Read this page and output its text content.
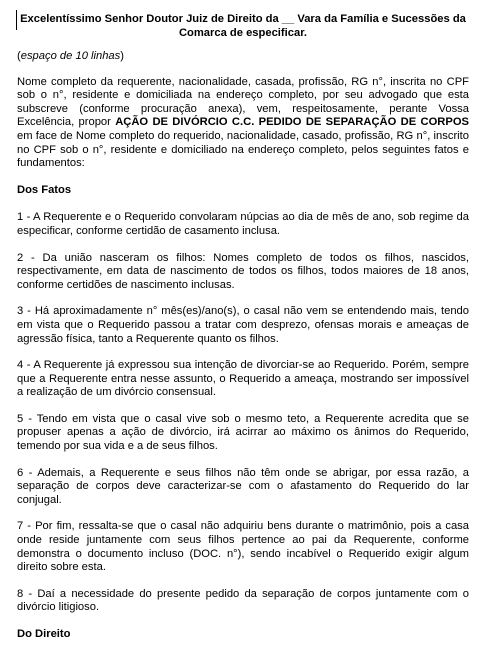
Excelentíssimo Senhor Doutor Juiz de Direito da __ Vara da Família e Sucessões da Comarca de especificar.
(espaço de 10 linhas)

Nome completo da requerente, nacionalidade, casada, profissão, RG n°, inscrita no CPF sob o n°, residente e domiciliada na endereço completo, por seu advogado que esta subscreve (conforme procuração anexa), vem, respeitosamente, perante Vossa Excelência, propor AÇÃO DE DIVÓRCIO C.C. PEDIDO DE SEPARAÇÃO DE CORPOS em face de Nome completo do requerido, nacionalidade, casado, profissão, RG n°, inscrito no CPF sob o n°, residente e domiciliado na endereço completo, pelos seguintes fatos e fundamentos:

Dos Fatos

1 - A Requerente e o Requerido convolaram núpcias ao dia de mês de ano, sob regime da especificar, conforme certidão de casamento inclusa.

2 - Da união nasceram os filhos: Nomes completo de todos os filhos, nascidos, respectivamente, em data de nascimento de todos os filhos, todos maiores de 18 anos, conforme certidões de nascimento inclusas.

3 - Há aproximadamente n° mês(es)/ano(s), o casal não vem se entendendo mais, tendo em vista que o Requerido passou a tratar com desprezo, ofensas morais e ameaças de agressão física, tanto a Requerente quanto os filhos.

4 - A Requerente já expressou sua intenção de divorciar-se ao Requerido. Porém, sempre que a Requerente entra nesse assunto, o Requerido a ameaça, mostrando ser impossível a realização de um divórcio consensual.

5 - Tendo em vista que o casal vive sob o mesmo teto, a Requerente acredita que se propuser apenas a ação de divórcio, irá acirrar ao máximo os ânimos do Requerido, temendo por sua vida e a de seus filhos.

6 - Ademais, a Requerente e seus filhos não têm onde se abrigar, por essa razão, a separação de corpos deve caracterizar-se com o afastamento do Requerido do lar conjugal.

7 - Por fim, ressalta-se que o casal não adquiriu bens durante o matrimônio, pois a casa onde reside juntamente com seus filhos pertence ao pai da Requerente, conforme demonstra o documento incluso (DOC. n°), sendo incabível o Requerido exigir algum direito sobre esta.

8 - Daí a necessidade do presente pedido da separação de corpos juntamente com o divórcio litigioso.

Do Direito
